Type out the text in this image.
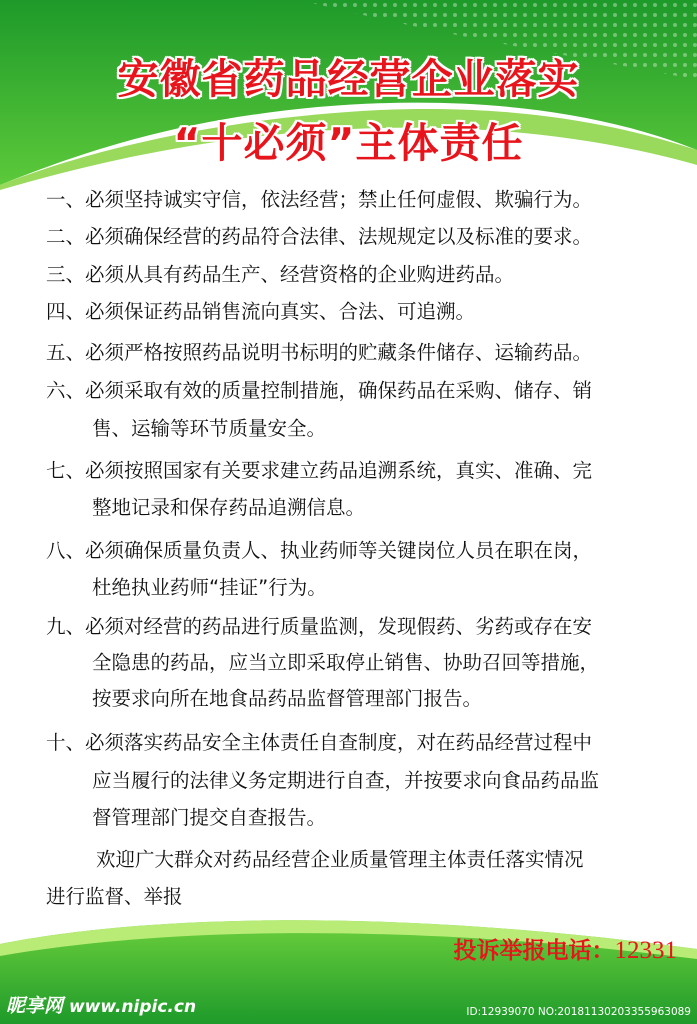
安徽省药品经营企业落实
“十必须”主体责任
一、必须坚持诚实守信，依法经营；禁止任何虚假、欺骗行为。
二、必须确保经营的药品符合法律、法规规定以及标准的要求。
三、必须从具有药品生产、经营资格的企业购进药品。
四、必须保证药品销售流向真实、合法、可追溯。
五、必须严格按照药品说明书标明的贮藏条件储存、运输药品。
六、必须采取有效的质量控制措施，确保药品在采购、储存、销
售、运输等环节质量安全。
七、必须按照国家有关要求建立药品追溯系统，真实、准确、完
整地记录和保存药品追溯信息。
八、必须确保质量负责人、执业药师等关键岗位人员在职在岗，
杜绝执业药师“挂证”行为。
九、必须对经营的药品进行质量监测，发现假药、劣药或存在安
全隐患的药品，应当立即采取停止销售、协助召回等措施，
按要求向所在地食品药品监督管理部门报告。
十、必须落实药品安全主体责任自查制度，对在药品经营过程中
应当履行的法律义务定期进行自查，并按要求向食品药品监
督管理部门提交自查报告。
欢迎广大群众对药品经营企业质量管理主体责任落实情况
进行监督、举报
投诉举报电话：12331
昵享网 www.nipic.cn	ID:12939070 NO:20181130203355963089
